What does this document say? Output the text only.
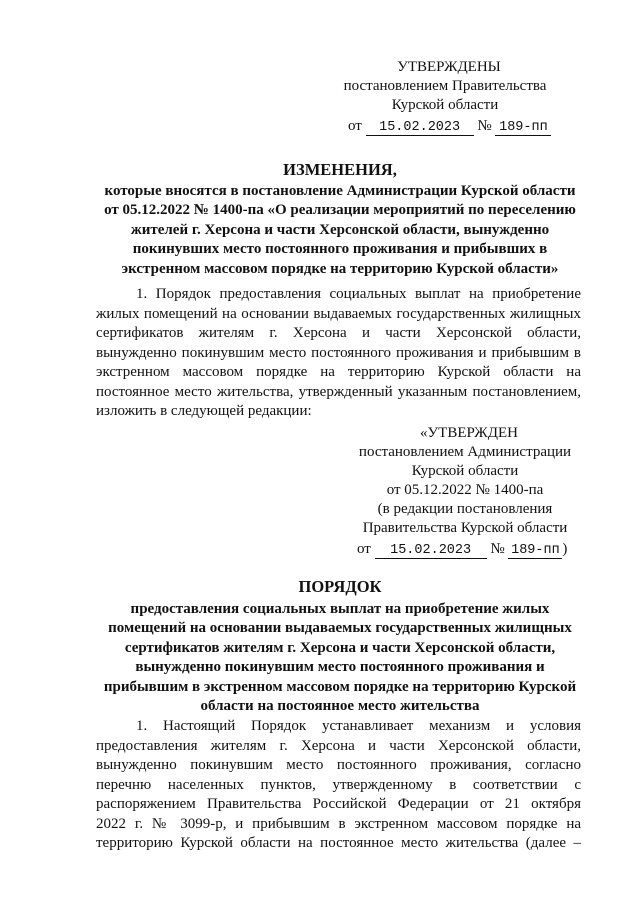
УТВЕРЖДЕНЫ
постановлением Правительства
Курской области
от 15.02.2023 № 189-пп
ИЗМЕНЕНИЯ,
которые вносятся в постановление Администрации Курской области
от 05.12.2022 № 1400-па «О реализации мероприятий по переселению
жителей г. Херсона и части Херсонской области, вынужденно
покинувших место постоянного проживания и прибывших в
экстренном массовом порядке на территорию Курской области»
1. Порядок предоставления социальных выплат на приобретение
жилых помещений на основании выдаваемых государственных жилищных
сертификатов жителям г. Херсона и части Херсонской области,
вынужденно покинувшим место постоянного проживания и прибывшим в
экстренном массовом порядке на территорию Курской области на
постоянное место жительства, утвержденный указанным постановлением,
изложить в следующей редакции:
«УТВЕРЖДЕН
постановлением Администрации
Курской области
от 05.12.2022 № 1400-па
(в редакции постановления
Правительства Курской области
от 15.02.2023 № 189-пп )
ПОРЯДОК
предоставления социальных выплат на приобретение жилых
помещений на основании выдаваемых государственных жилищных
сертификатов жителям г. Херсона и части Херсонской области,
вынужденно покинувшим место постоянного проживания и
прибывшим в экстренном массовом порядке на территорию Курской
области на постоянное место жительства
1. Настоящий Порядок устанавливает механизм и условия
предоставления жителям г. Херсона и части Херсонской области,
вынужденно покинувшим место постоянного проживания, согласно
перечню населенных пунктов, утвержденному в соответствии с
распоряжением Правительства Российской Федерации от 21 октября
2022 г. № 3099-р, и прибывшим в экстренном массовом порядке на
территорию Курской области на постоянное место жительства (далее –
